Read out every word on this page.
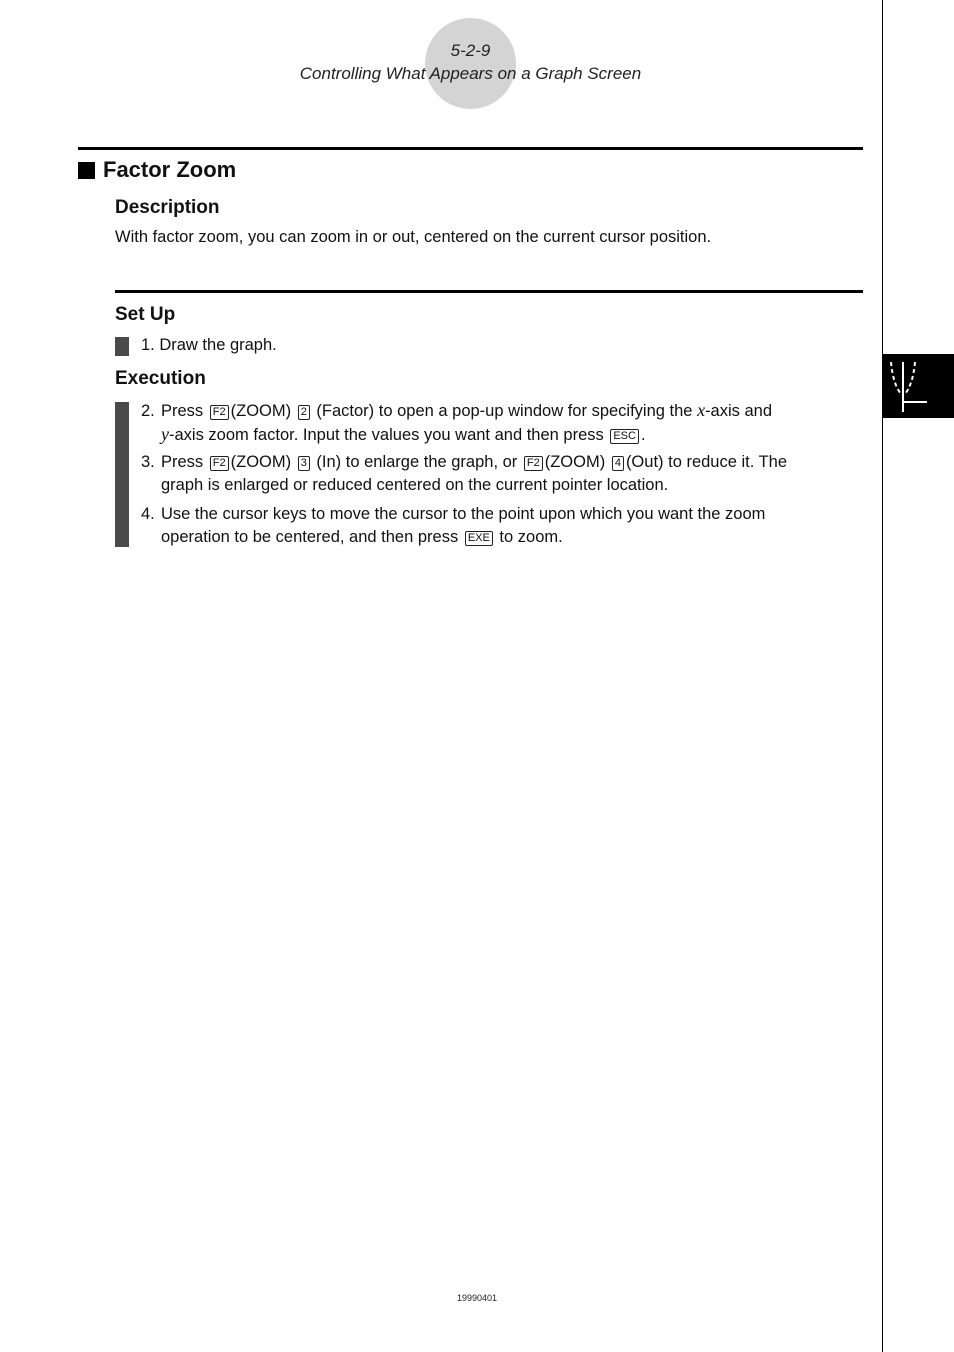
5-2-9
Controlling What Appears on a Graph Screen
Factor Zoom
Description
With factor zoom, you can zoom in or out, centered on the current cursor position.
Set Up
1. Draw the graph.
Execution
2. Press F2 (ZOOM) 2 (Factor) to open a pop-up window for specifying the x-axis and
y-axis zoom factor. Input the values you want and then press ESC .
3. Press F2 (ZOOM) 3 (In) to enlarge the graph, or F2 (ZOOM) 4 (Out) to reduce it. The
graph is enlarged or reduced centered on the current pointer location.
4. Use the cursor keys to move the cursor to the point upon which you want the zoom
operation to be centered, and then press EXE to zoom.
19990401
